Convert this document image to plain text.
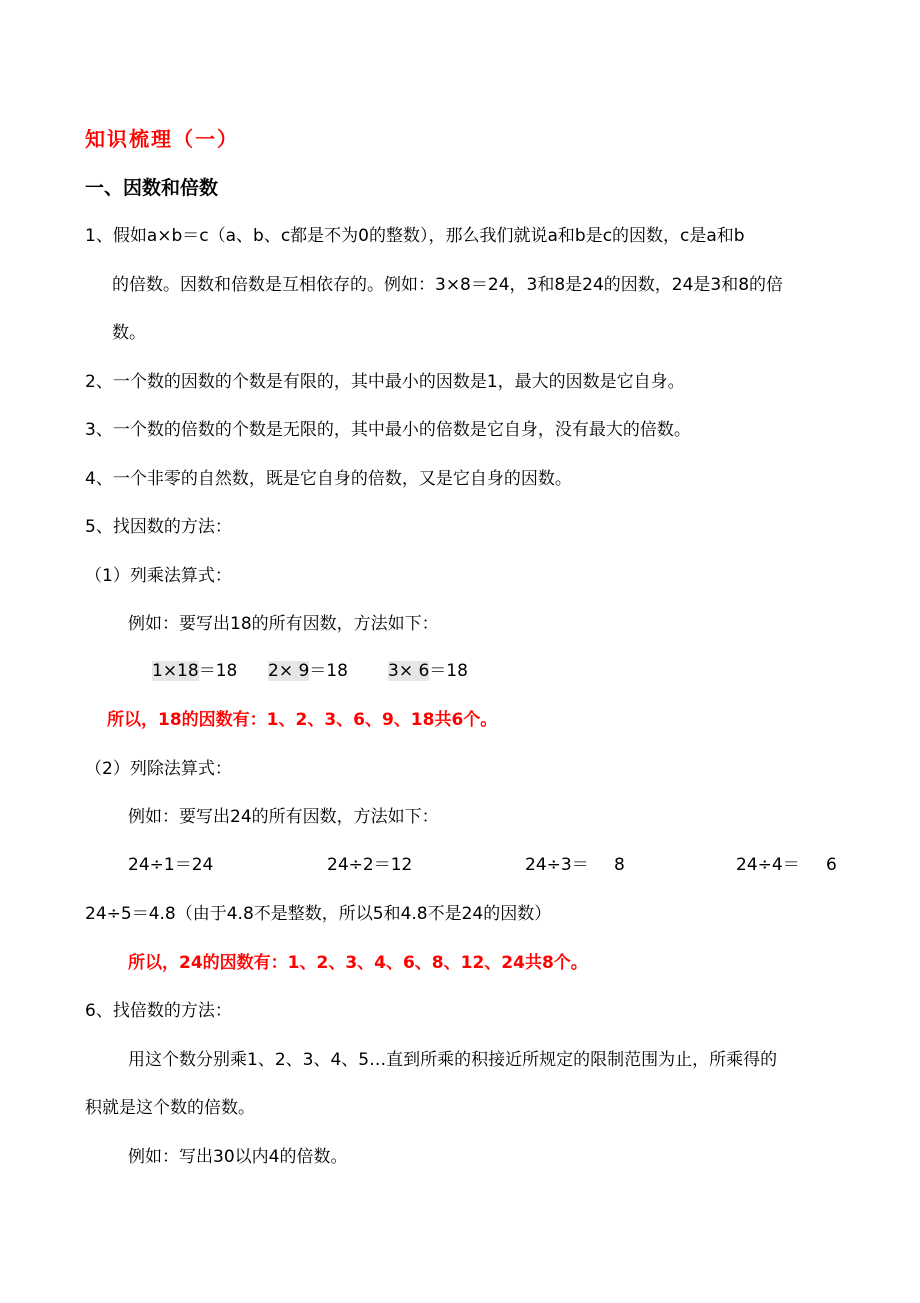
知识梳理（一）
一、因数和倍数
1、假如a×b＝c（a、b、c都是不为0的整数），那么我们就说a和b是c的因数，c是a和b
的倍数。因数和倍数是互相依存的。例如：3×8＝24，3和8是24的因数，24是3和8的倍
数。
2、一个数的因数的个数是有限的，其中最小的因数是1，最大的因数是它自身。
3、一个数的倍数的个数是无限的，其中最小的倍数是它自身，没有最大的倍数。
4、一个非零的自然数，既是它自身的倍数，又是它自身的因数。
5、找因数的方法：
（1）列乘法算式：
例如：要写出18的所有因数，方法如下：
1×18＝18 2× 9＝18 3× 6＝18
所以，18的因数有：1、2、3、6、9、18共6个。
（2）列除法算式：
例如：要写出24的所有因数，方法如下：
24÷1＝24	24÷2＝12	24÷3＝ 8	24÷4＝ 6
24÷5＝4.8（由于4.8不是整数，所以5和4.8不是24的因数）
所以，24的因数有：1、2、3、4、6、8、12、24共8个。
6、找倍数的方法：
用这个数分别乘1、2、3、4、5…直到所乘的积接近所规定的限制范围为止，所乘得的
积就是这个数的倍数。
例如：写出30以内4的倍数。
